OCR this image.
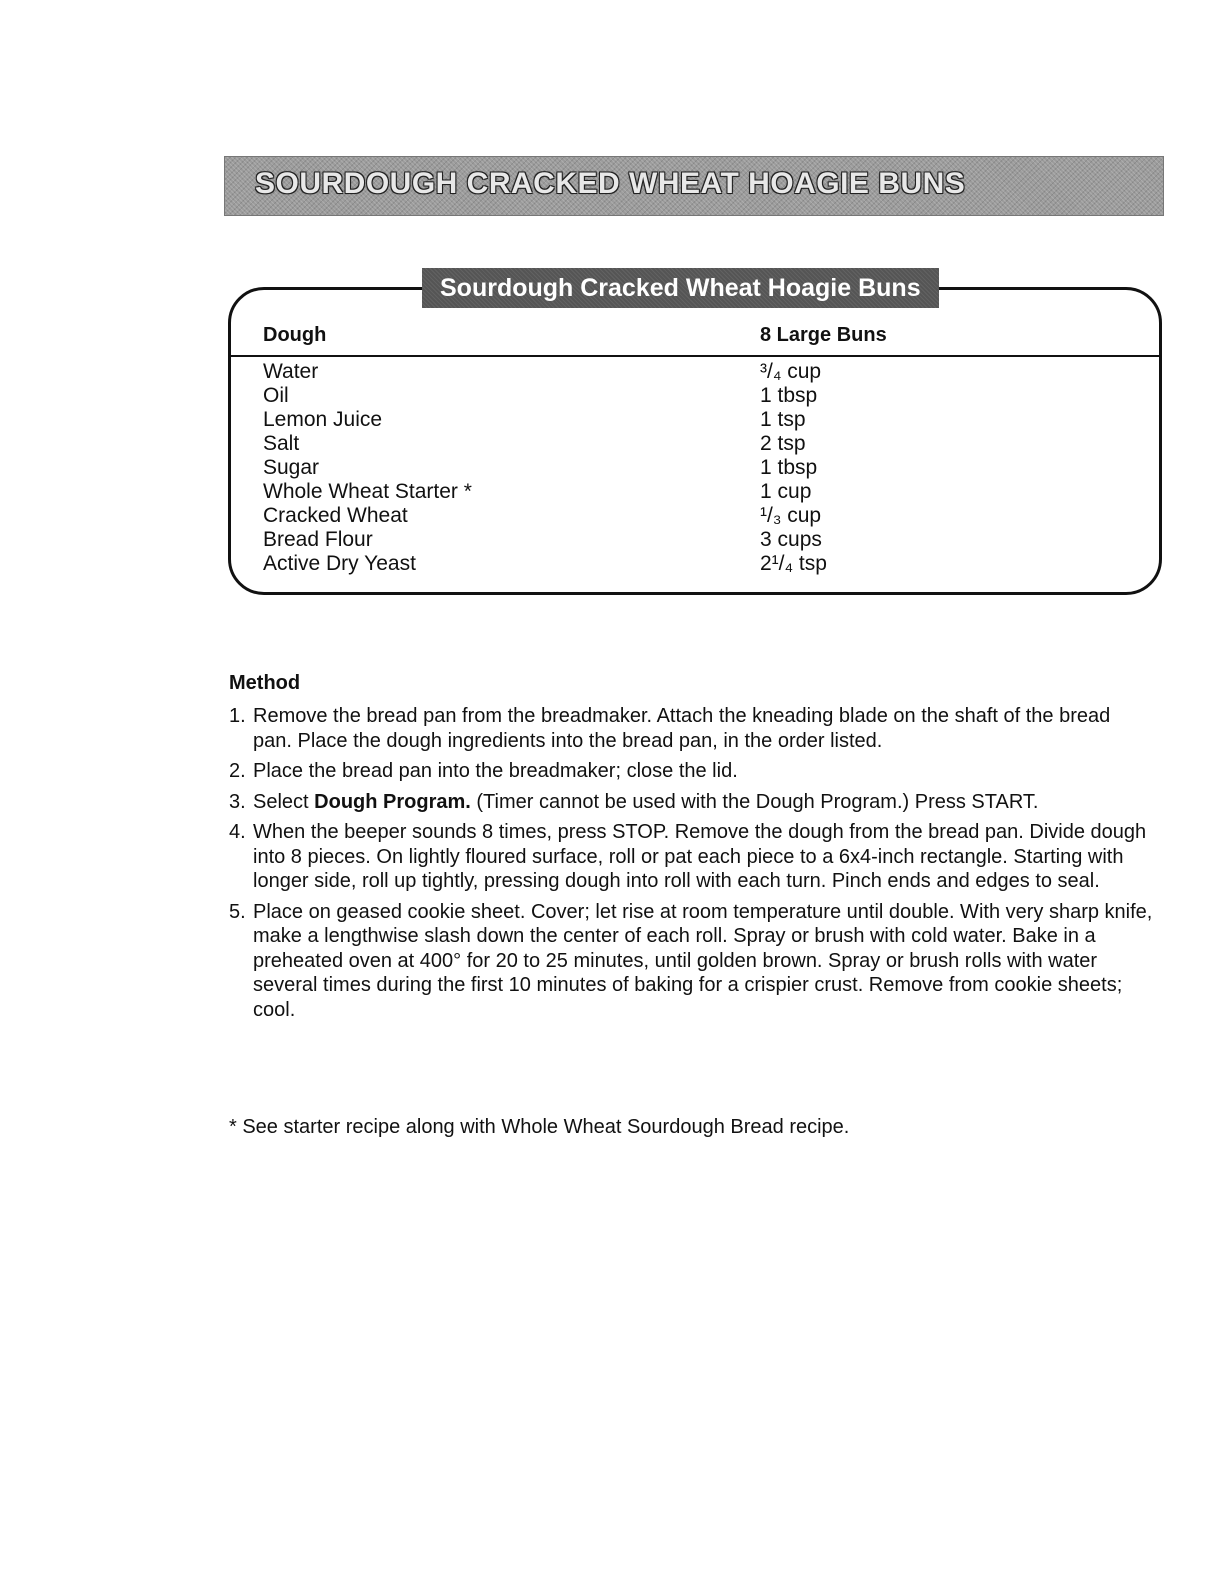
SOURDOUGH CRACKED WHEAT HOAGIE BUNS
Sourdough Cracked Wheat Hoagie Buns
Dough	8 Large Buns
Water
Oil
Lemon Juice
Salt
Sugar
Whole Wheat Starter *
Cracked Wheat
Bread Flour
Active Dry Yeast
³/₄ cup
1 tbsp
1 tsp
2 tsp
1 tbsp
1 cup
¹/₃ cup
3 cups
2¹/₄ tsp
Method
1. Remove the bread pan from the breadmaker. Attach the kneading blade on the shaft of the bread pan. Place the dough ingredients into the bread pan, in the order listed.
2. Place the bread pan into the breadmaker; close the lid.
3. Select Dough Program. (Timer cannot be used with the Dough Program.) Press START.
4. When the beeper sounds 8 times, press STOP. Remove the dough from the bread pan. Divide dough into 8 pieces. On lightly floured surface, roll or pat each piece to a 6x4-inch rectangle. Starting with longer side, roll up tightly, pressing dough into roll with each turn. Pinch ends and edges to seal.
5. Place on geased cookie sheet. Cover; let rise at room temperature until double. With very sharp knife, make a lengthwise slash down the center of each roll. Spray or brush with cold water. Bake in a preheated oven at 400° for 20 to 25 minutes, until golden brown. Spray or brush rolls with water several times during the first 10 minutes of baking for a crispier crust. Remove from cookie sheets; cool.
* See starter recipe along with Whole Wheat Sourdough Bread recipe.
